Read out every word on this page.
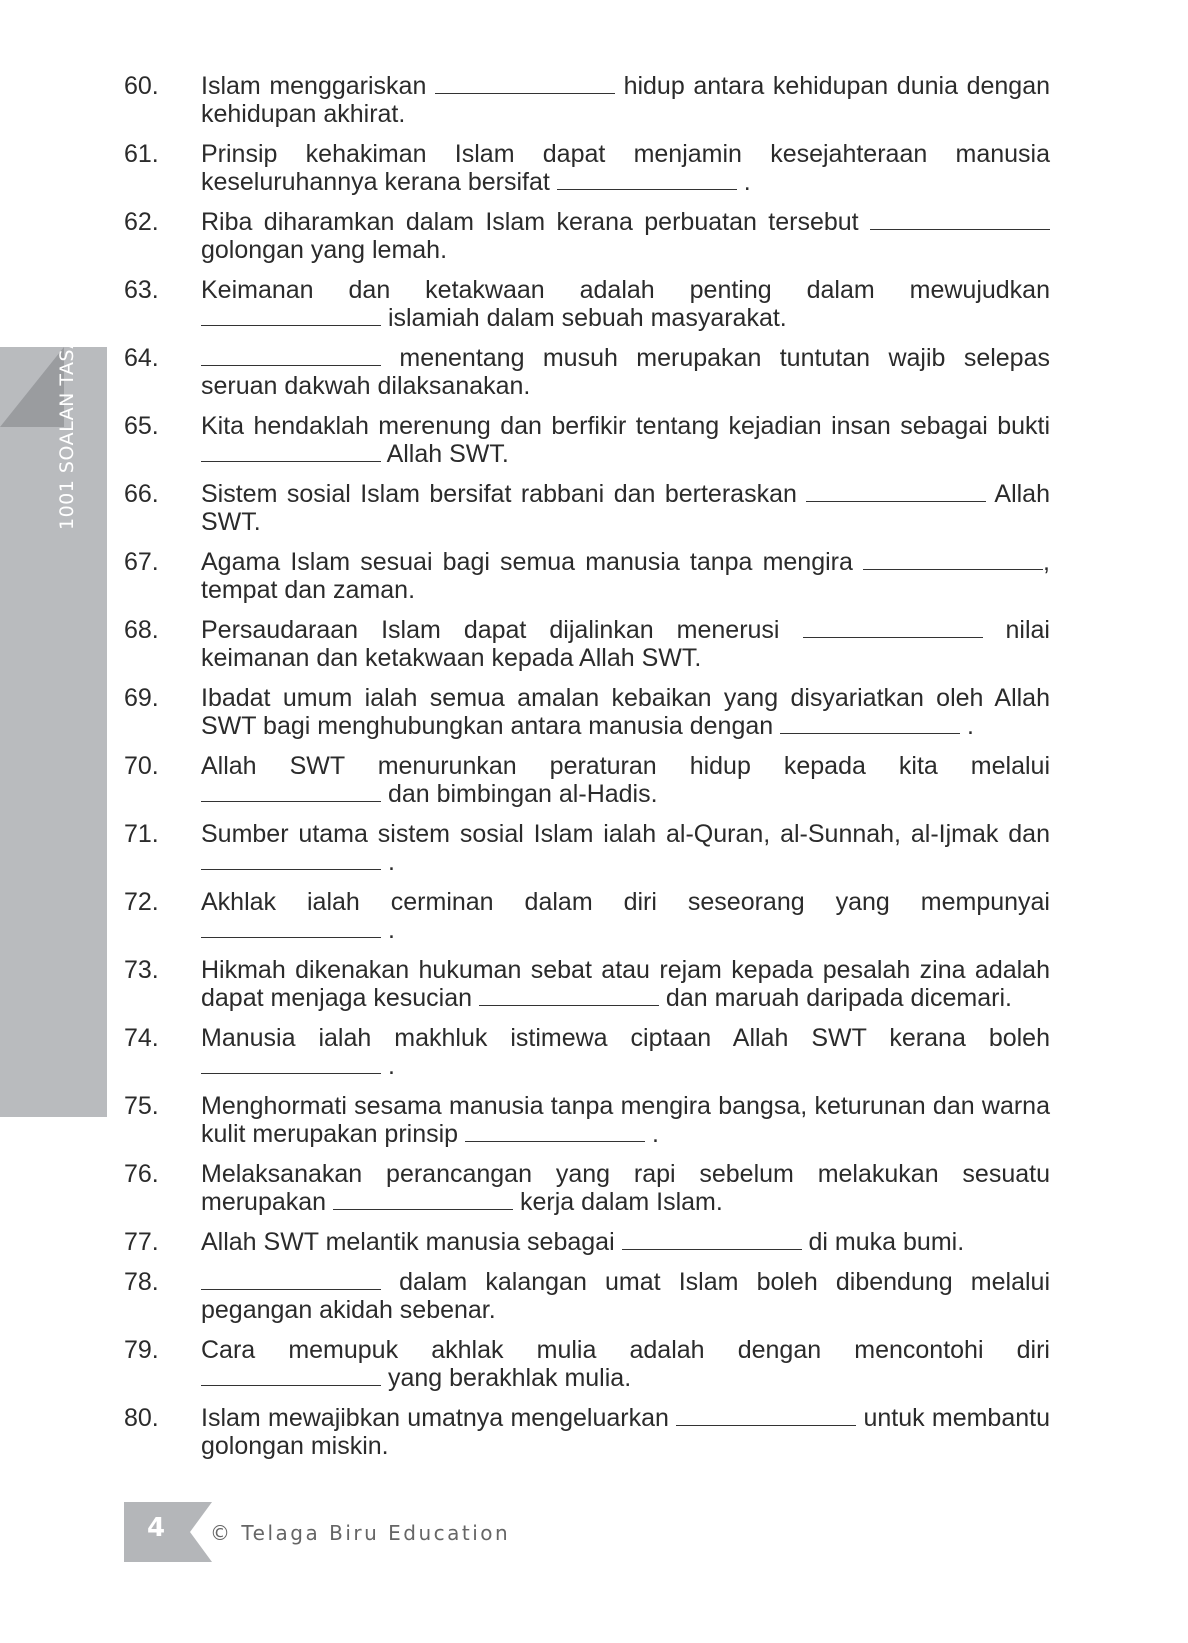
1001 SOALAN TASAWWUR ISLAM SPM
60.	Islam menggariskan	hidup antara kehidupan dunia dengan kehidupan akhirat.
61.	Prinsip kehakiman Islam dapat menjamin kesejahteraan manusia keseluruhannya kerana bersifat	.
62.	Riba diharamkan dalam Islam kerana perbuatan tersebut  golongan yang lemah.
63.	Keimanan dan ketakwaan adalah penting dalam mewujudkan  islamiah dalam sebuah masyarakat.
64.	menentang musuh merupakan tuntutan wajib selepas seruan dakwah dilaksanakan.
65.	Kita hendaklah merenung dan berfikir tentang kejadian insan sebagai bukti  Allah SWT.
66.	Sistem sosial Islam bersifat rabbani dan berteraskan	Allah SWT.
67.	Agama Islam sesuai bagi semua manusia tanpa mengira	, tempat dan zaman.
68.	Persaudaraan Islam dapat dijalinkan menerusi	nilai keimanan dan ketakwaan kepada Allah SWT.
69.	Ibadat umum ialah semua amalan kebaikan yang disyariatkan oleh Allah SWT bagi menghubungkan antara manusia dengan	.
70.	Allah SWT menurunkan peraturan hidup kepada kita melalui  dan bimbingan al-Hadis.
71.	Sumber utama sistem sosial Islam ialah al-Quran, al-Sunnah, al-Ijmak dan  .
72.	Akhlak ialah cerminan dalam diri seseorang yang mempunyai  .
73.	Hikmah dikenakan hukuman sebat atau rejam kepada pesalah zina adalah dapat menjaga kesucian	dan maruah daripada dicemari.
74.	Manusia ialah makhluk istimewa ciptaan Allah SWT kerana boleh  .
75.	Menghormati sesama manusia tanpa mengira bangsa, keturunan dan warna kulit merupakan prinsip	.
76.	Melaksanakan perancangan yang rapi sebelum melakukan sesuatu merupakan	kerja dalam Islam.
77.	Allah SWT melantik manusia sebagai	di muka bumi.
78.	dalam kalangan umat Islam boleh dibendung melalui pegangan akidah sebenar.
79.	Cara memupuk akhlak mulia adalah dengan mencontohi diri  yang berakhlak mulia.
80.	Islam mewajibkan umatnya mengeluarkan	untuk membantu golongan miskin.
4 © Telaga Biru Education
